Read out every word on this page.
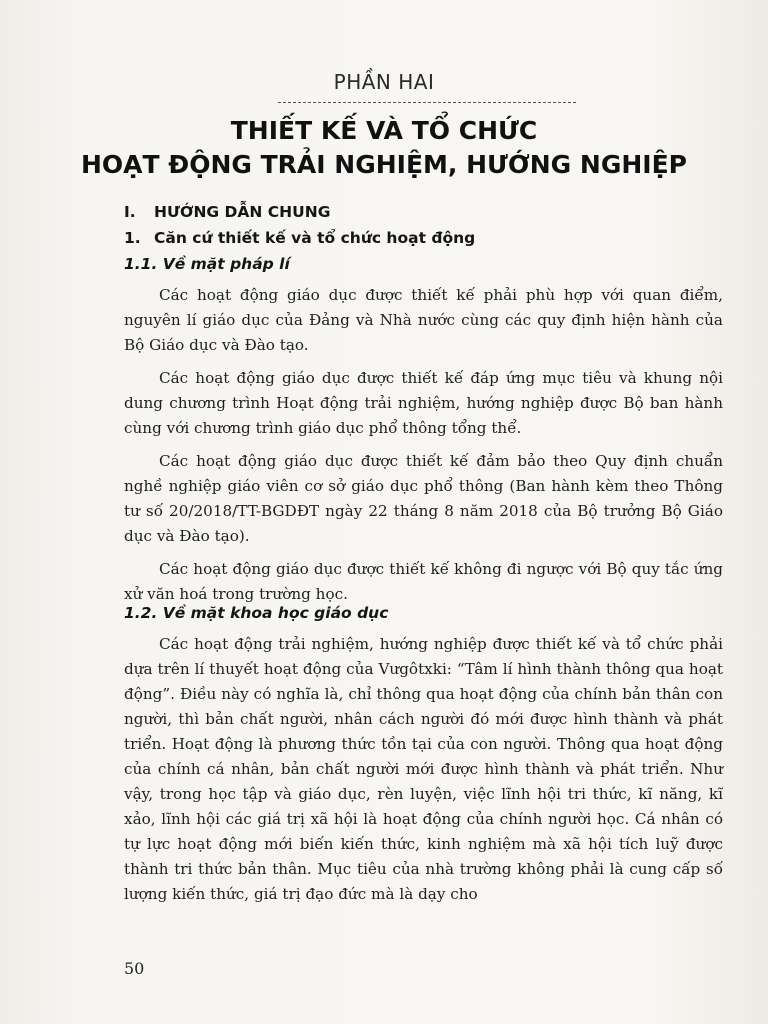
PHẦN HAI
THIẾT KẾ VÀ TỔ CHỨC
HOẠT ĐỘNG TRẢI NGHIỆM, HƯỚNG NGHIỆP
I. HƯỚNG DẪN CHUNG
1. Căn cứ thiết kế và tổ chức hoạt động
1.1. Về mặt pháp lí

Các hoạt động giáo dục được thiết kế phải phù hợp với quan điểm, nguyên lí giáo dục của Đảng và Nhà nước cùng các quy định hiện hành của Bộ Giáo dục và Đào tạo.

Các hoạt động giáo dục được thiết kế đáp ứng mục tiêu và khung nội dung chương trình Hoạt động trải nghiệm, hướng nghiệp được Bộ ban hành cùng với chương trình giáo dục phổ thông tổng thể.

Các hoạt động giáo dục được thiết kế đảm bảo theo Quy định chuẩn nghề nghiệp giáo viên cơ sở giáo dục phổ thông (Ban hành kèm theo Thông tư số 20/2018/TT-BGDĐT ngày 22 tháng 8 năm 2018 của Bộ trưởng Bộ Giáo dục và Đào tạo).

Các hoạt động giáo dục được thiết kế không đi ngược với Bộ quy tắc ứng xử văn hoá trong trường học.

1.2. Về mặt khoa học giáo dục

Các hoạt động trải nghiệm, hướng nghiệp được thiết kế và tổ chức phải dựa trên lí thuyết hoạt động của Vưgôtxki: “Tâm lí hình thành thông qua hoạt động”. Điều này có nghĩa là, chỉ thông qua hoạt động của chính bản thân con người, thì bản chất người, nhân cách người đó mới được hình thành và phát triển. Hoạt động là phương thức tồn tại của con người. Thông qua hoạt động của chính cá nhân, bản chất người mới được hình thành và phát triển. Như vậy, trong học tập và giáo dục, rèn luyện, việc lĩnh hội tri thức, kĩ năng, kĩ xảo, lĩnh hội các giá trị xã hội là hoạt động của chính người học. Cá nhân có tự lực hoạt động mới biến kiến thức, kinh nghiệm mà xã hội tích luỹ được thành tri thức bản thân. Mục tiêu của nhà trường không phải là cung cấp số lượng kiến thức, giá trị đạo đức mà là dạy cho

50
